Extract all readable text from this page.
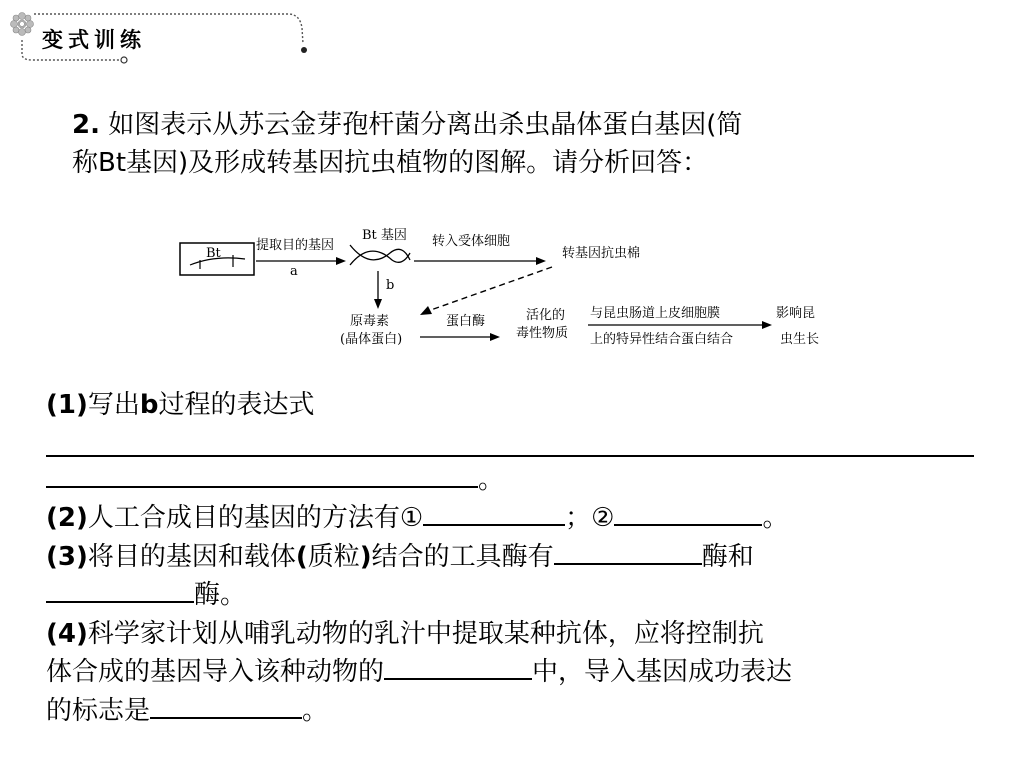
变式训练
2. 如图表示从苏云金芽孢杆菌分离出杀虫晶体蛋白基因(简
称Bt基因)及形成转基因抗虫植物的图解。请分析回答：
Bt
提取目的基因
a
Bt 基因 转入受体细胞
转基因抗虫棉
b
原毒素
(晶体蛋白)
蛋白酶	活化的
毒性物质
与昆虫肠道上皮细胞膜
上的特异性结合蛋白结合
影响昆
虫生长
(1)写出b过程的表达式
。
(2)人工合成目的基因的方法有①	；②	。
(3)将目的基因和载体(质粒)结合的工具酶有	酶和
酶。
(4)科学家计划从哺乳动物的乳汁中提取某种抗体，应将控制抗
体合成的基因导入该种动物的	中，导入基因成功表达
的标志是	。
